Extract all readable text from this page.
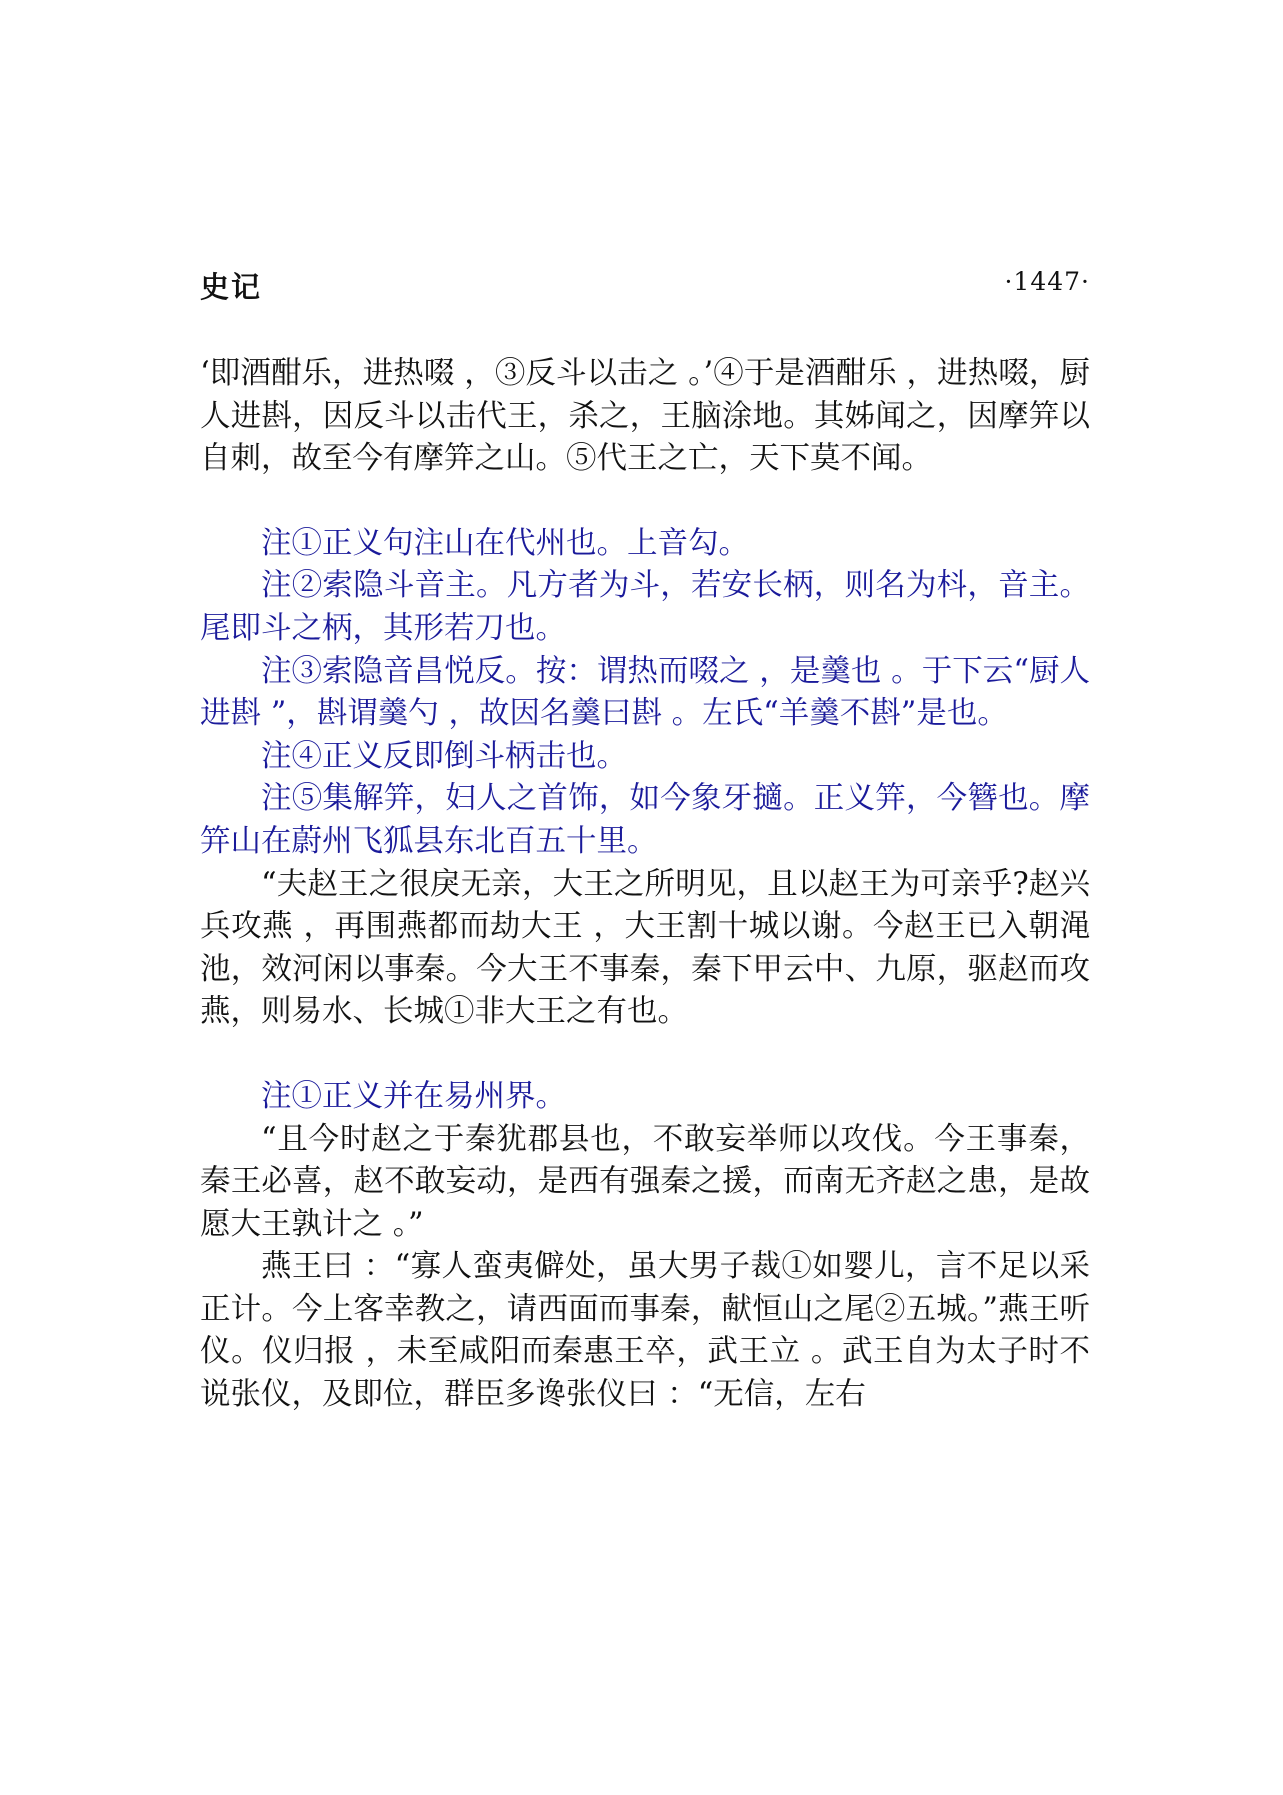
史记	·1447·

‘即酒酣乐，进热啜 ，③反斗以击之 。’④于是酒酣乐 ，进热啜，厨人进斟，因反斗以击代王，杀之，王脑涂地。其姊闻之，因摩笄以自刺，故至今有摩笄之山。⑤代王之亡，天下莫不闻。

注①正义句注山在代州也。上音勾。

注②索隐斗音主。凡方者为斗，若安长柄，则名为枓，音主。尾即斗之柄，其形若刀也。

注③索隐音昌悦反。按：谓热而啜之 ，是羹也 。于下云“厨人进斟 ”，斟谓羹勺 ，故因名羹曰斟 。左氏“羊羹不斟”是也。

注④正义反即倒斗柄击也。

注⑤集解笄，妇人之首饰，如今象牙擿。正义笄，今簪也。摩笄山在蔚州飞狐县东北百五十里。

“夫赵王之很戾无亲，大王之所明见，且以赵王为可亲乎?赵兴兵攻燕 ，再围燕都而劫大王 ，大王割十城以谢。今赵王已入朝渑池，效河闲以事秦。今大王不事秦，秦下甲云中、九原，驱赵而攻燕，则易水、长城①非大王之有也。

注①正义并在易州界。

“且今时赵之于秦犹郡县也，不敢妄举师以攻伐。今王事秦，秦王必喜，赵不敢妄动，是西有强秦之援，而南无齐赵之患，是故愿大王孰计之 。”

燕王曰 ：“寡人蛮夷僻处，虽大男子裁①如婴儿，言不足以采正计。今上客幸教之，请西面而事秦，献恒山之尾②五城。”燕王听仪。仪归报 ，未至咸阳而秦惠王卒，武王立 。武王自为太子时不说张仪，及即位，群臣多谗张仪曰 ：“无信，左右
